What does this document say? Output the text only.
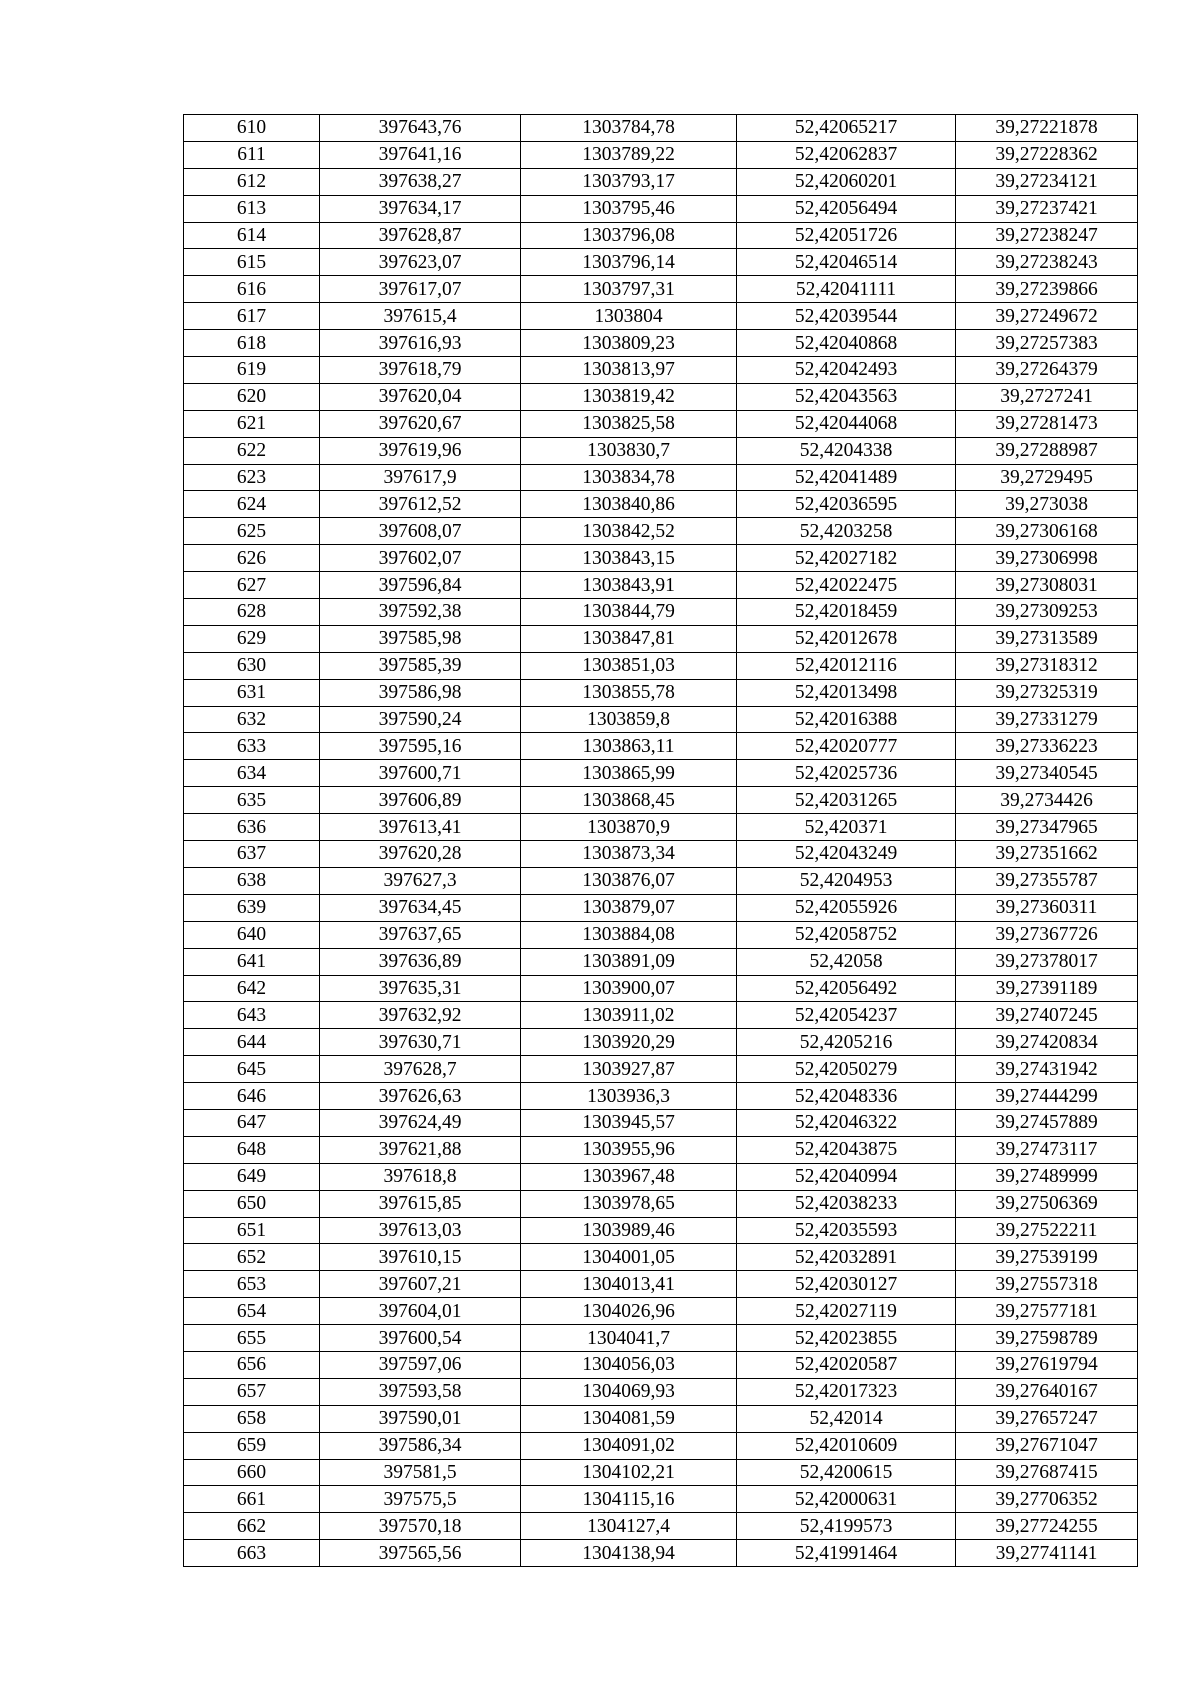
610	397643,76	1303784,78	52,42065217	39,27221878
611	397641,16	1303789,22	52,42062837	39,27228362
612	397638,27	1303793,17	52,42060201	39,27234121
613	397634,17	1303795,46	52,42056494	39,27237421
614	397628,87	1303796,08	52,42051726	39,27238247
615	397623,07	1303796,14	52,42046514	39,27238243
616	397617,07	1303797,31	52,42041111	39,27239866
617	397615,4	1303804	52,42039544	39,27249672
618	397616,93	1303809,23	52,42040868	39,27257383
619	397618,79	1303813,97	52,42042493	39,27264379
620	397620,04	1303819,42	52,42043563	39,2727241
621	397620,67	1303825,58	52,42044068	39,27281473
622	397619,96	1303830,7	52,4204338	39,27288987
623	397617,9	1303834,78	52,42041489	39,2729495
624	397612,52	1303840,86	52,42036595	39,273038
625	397608,07	1303842,52	52,4203258	39,27306168
626	397602,07	1303843,15	52,42027182	39,27306998
627	397596,84	1303843,91	52,42022475	39,27308031
628	397592,38	1303844,79	52,42018459	39,27309253
629	397585,98	1303847,81	52,42012678	39,27313589
630	397585,39	1303851,03	52,42012116	39,27318312
631	397586,98	1303855,78	52,42013498	39,27325319
632	397590,24	1303859,8	52,42016388	39,27331279
633	397595,16	1303863,11	52,42020777	39,27336223
634	397600,71	1303865,99	52,42025736	39,27340545
635	397606,89	1303868,45	52,42031265	39,2734426
636	397613,41	1303870,9	52,420371	39,27347965
637	397620,28	1303873,34	52,42043249	39,27351662
638	397627,3	1303876,07	52,4204953	39,27355787
639	397634,45	1303879,07	52,42055926	39,27360311
640	397637,65	1303884,08	52,42058752	39,27367726
641	397636,89	1303891,09	52,42058	39,27378017
642	397635,31	1303900,07	52,42056492	39,27391189
643	397632,92	1303911,02	52,42054237	39,27407245
644	397630,71	1303920,29	52,4205216	39,27420834
645	397628,7	1303927,87	52,42050279	39,27431942
646	397626,63	1303936,3	52,42048336	39,27444299
647	397624,49	1303945,57	52,42046322	39,27457889
648	397621,88	1303955,96	52,42043875	39,27473117
649	397618,8	1303967,48	52,42040994	39,27489999
650	397615,85	1303978,65	52,42038233	39,27506369
651	397613,03	1303989,46	52,42035593	39,27522211
652	397610,15	1304001,05	52,42032891	39,27539199
653	397607,21	1304013,41	52,42030127	39,27557318
654	397604,01	1304026,96	52,42027119	39,27577181
655	397600,54	1304041,7	52,42023855	39,27598789
656	397597,06	1304056,03	52,42020587	39,27619794
657	397593,58	1304069,93	52,42017323	39,27640167
658	397590,01	1304081,59	52,42014	39,27657247
659	397586,34	1304091,02	52,42010609	39,27671047
660	397581,5	1304102,21	52,4200615	39,27687415
661	397575,5	1304115,16	52,42000631	39,27706352
662	397570,18	1304127,4	52,4199573	39,27724255
663	397565,56	1304138,94	52,41991464	39,27741141
